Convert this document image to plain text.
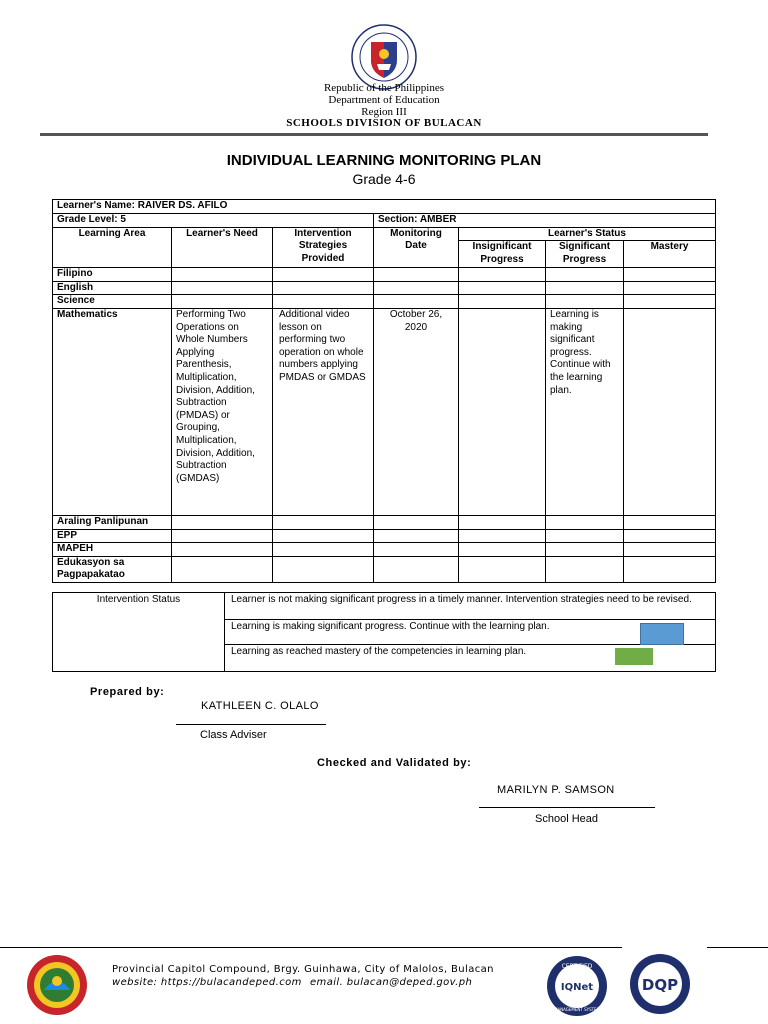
Republic of the Philippines
Department of Education
Region III
SCHOOLS DIVISION OF BULACAN
INDIVIDUAL LEARNING MONITORING PLAN
Grade 4-6
Learner's Name: RAIVER DS. AFILO						
Grade Level: 5			Section: AMBER			
Learning Area	Learner's Need	Intervention Strategies Provided	Monitoring Date	Learner's Status		
				Insignificant Progress	Significant Progress	Mastery
Filipino						
English						
Science						
Mathematics	Performing Two Operations on Whole Numbers Applying Parenthesis, Multiplication, Division, Addition, Subtraction (PMDAS) or Grouping, Multiplication, Division, Addition, Subtraction (GMDAS)	Additional video lesson on performing two operation on whole numbers applying PMDAS or GMDAS	October 26, 2020		Learning is making significant progress. Continue with the learning plan.	
Araling Panlipunan						
EPP						
MAPEH						
Edukasyon sa Pagpapakatao						
Intervention Status	Learner is not making significant progress in a timely manner. Intervention strategies need to be revised.
Learning is making significant progress. Continue with the learning plan.
Learning as reached mastery of the competencies in learning plan.
Prepared by:
KATHLEEN C. OLALO
Class Adviser
Checked and Validated by:
MARILYN P. SAMSON
School Head
Provincial Capitol Compound, Brgy. Guinhawa, City of Malolos, Bulacan
website: https://bulacandeped.com email. bulacan@deped.gov.ph
CERTIFIED
IQNet
MANAGEMENT SYSTEM
DQP
